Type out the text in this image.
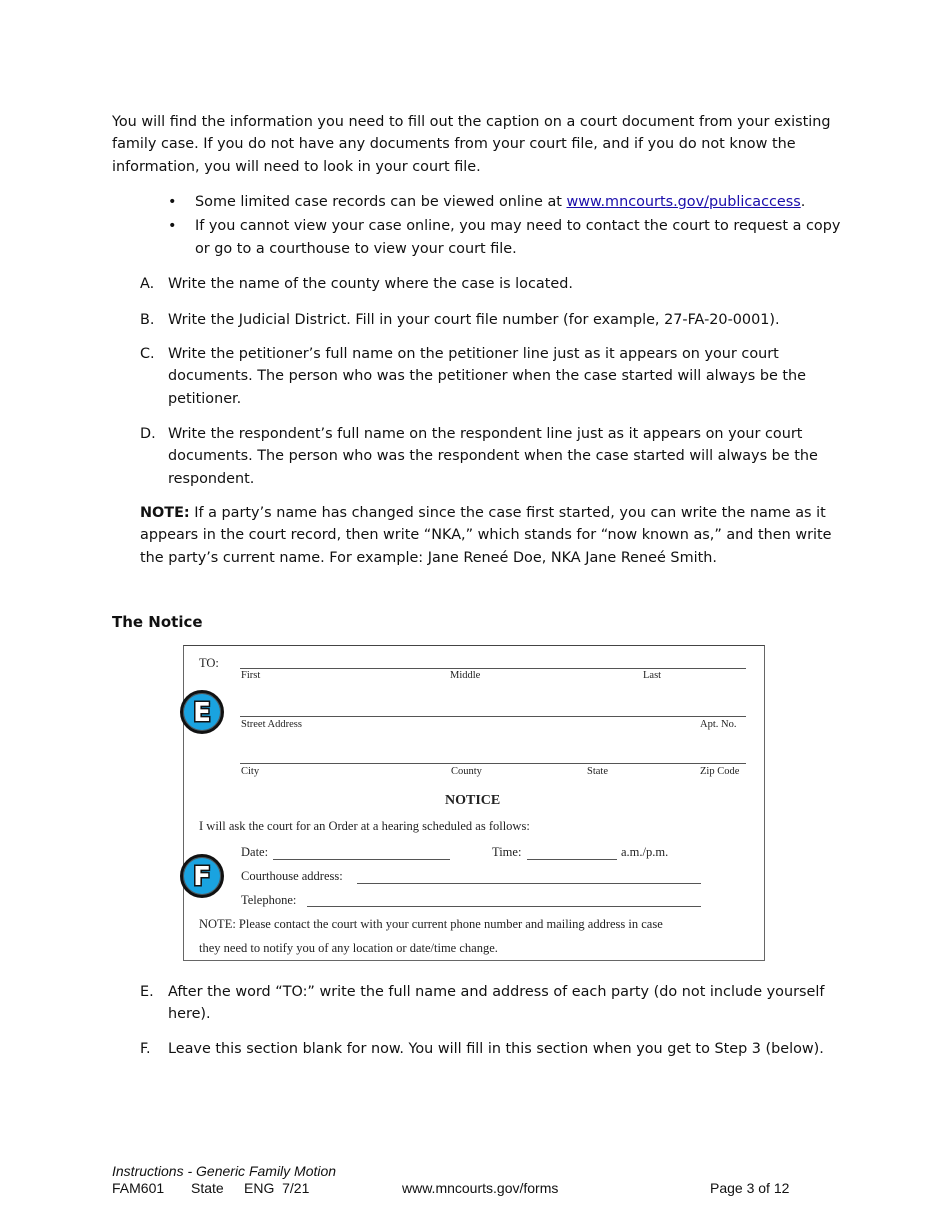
You will find the information you need to fill out the caption on a court document from your existing family case. If you do not have any documents from your court file, and if you do not know the information, you will need to look in your court file.
• Some limited case records can be viewed online at www.mncourts.gov/publicaccess.
• If you cannot view your case online, you may need to contact the court to request a copy or go to a courthouse to view your court file.
A. Write the name of the county where the case is located.
B. Write the Judicial District. Fill in your court file number (for example, 27-FA-20-0001).
C. Write the petitioner’s full name on the petitioner line just as it appears on your court documents. The person who was the petitioner when the case started will always be the petitioner.
D. Write the respondent’s full name on the respondent line just as it appears on your court documents. The person who was the respondent when the case started will always be the respondent.
NOTE: If a party’s name has changed since the case first started, you can write the name as it appears in the court record, then write “NKA,” which stands for “now known as,” and then write the party’s current name. For example: Jane Reneé Doe, NKA Jane Reneé Smith.
The Notice
TO:
First	Middle	Last
E	Street Address	Apt. No.
City	County	State	Zip Code
NOTICE
I will ask the court for an Order at a hearing scheduled as follows:
F
Date:	Time:	a.m./p.m.
Courthouse address:
Telephone:
NOTE: Please contact the court with your current phone number and mailing address in case
they need to notify you of any location or date/time change.
E. After the word “TO:” write the full name and address of each party (do not include yourself here).
F. Leave this section blank for now. You will fill in this section when you get to Step 3 (below).
Instructions - Generic Family Motion
FAM601 State ENG  7/21	www.mncourts.gov/forms	Page 3 of 12
